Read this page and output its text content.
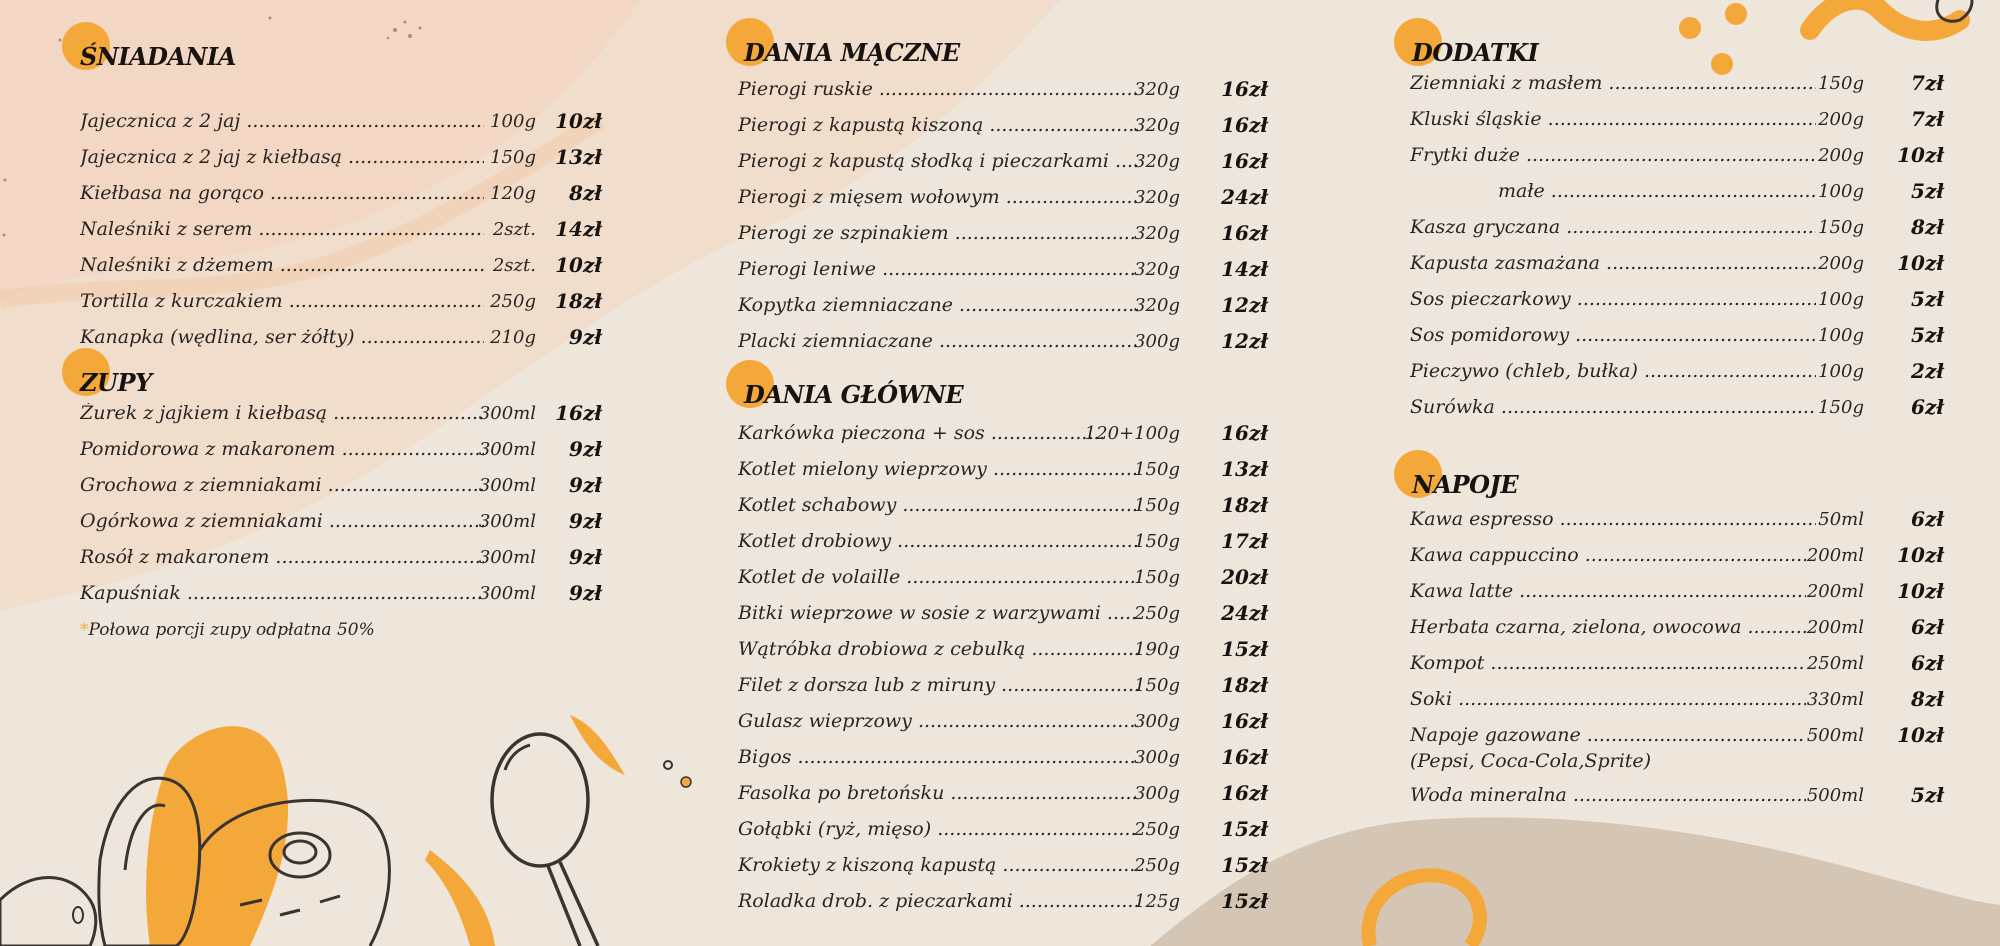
ŚNIADANIA
Jajecznica z 2 jaj .....	100g 10zł
Jajecznica z 2 jaj z kiełbasą .....	150g 13zł
Kiełbasa na gorąco .....	120g 8zł
Naleśniki z serem .....	2szt. 14zł
Naleśniki z dżemem .....	2szt. 10zł
Tortilla z kurczakiem .....	250g 18zł
Kanapka (wędlina, ser żółty) .....	210g 9zł
ZUPY
Żurek z jajkiem i kiełbasą .....	300ml 16zł
Pomidorowa z makaronem .....	300ml 9zł
Grochowa z ziemniakami .....	300ml 9zł
Ogórkowa z ziemniakami .....	300ml 9zł
Rosół z makaronem .....	300ml 9zł
Kapuśniak .....	300ml 9zł
*Połowa porcji zupy odpłatna 50%
DANIA MĄCZNE
Pierogi ruskie .....	320g 16zł
Pierogi z kapustą kiszoną .....	320g 16zł
Pierogi z kapustą słodką i pieczarkami .....	320g 16zł
Pierogi z mięsem wołowym .....	320g 24zł
Pierogi ze szpinakiem .....	320g 16zł
Pierogi leniwe .....	320g 14zł
Kopytka ziemniaczane .....	320g 12zł
Placki ziemniaczane .....	300g 12zł
DANIA GŁÓWNE
Karkówka pieczona + sos .....	120+100g 16zł
Kotlet mielony wieprzowy .....	150g 13zł
Kotlet schabowy .....	150g 18zł
Kotlet drobiowy .....	150g 17zł
Kotlet de volaille .....	150g 20zł
Bitki wieprzowe w sosie z warzywami .....	250g 24zł
Wątróbka drobiowa z cebulką .....	190g 15zł
Filet z dorsza lub z miruny .....	150g 18zł
Gulasz wieprzowy .....	300g 16zł
Bigos .....	300g 16zł
Fasolka po bretońsku .....	300g 16zł
Gołąbki (ryż, mięso) .....	250g 15zł
Krokiety z kiszoną kapustą .....	250g 15zł
Roladka drob. z pieczarkami .....	125g 15zł
DODATKI
Ziemniaki z masłem .....	150g 7zł
Kluski śląskie .....	200g 7zł
Frytki duże .....	200g 10zł
małe .....	100g 5zł
Kasza gryczana .....	150g 8zł
Kapusta zasmażana .....	200g 10zł
Sos pieczarkowy .....	100g 5zł
Sos pomidorowy .....	100g 5zł
Pieczywo (chleb, bułka) .....	100g 2zł
Surówka .....	150g 6zł
NAPOJE
Kawa espresso .....	50ml 6zł
Kawa cappuccino .....	200ml 10zł
Kawa latte .....	200ml 10zł
Herbata czarna, zielona, owocowa .....	200ml 6zł
Kompot .....	250ml 6zł
Soki .....	330ml 8zł
Napoje gazowane .....	500ml 10zł
(Pepsi, Coca-Cola,Sprite)
Woda mineralna .....	500ml 5zł
